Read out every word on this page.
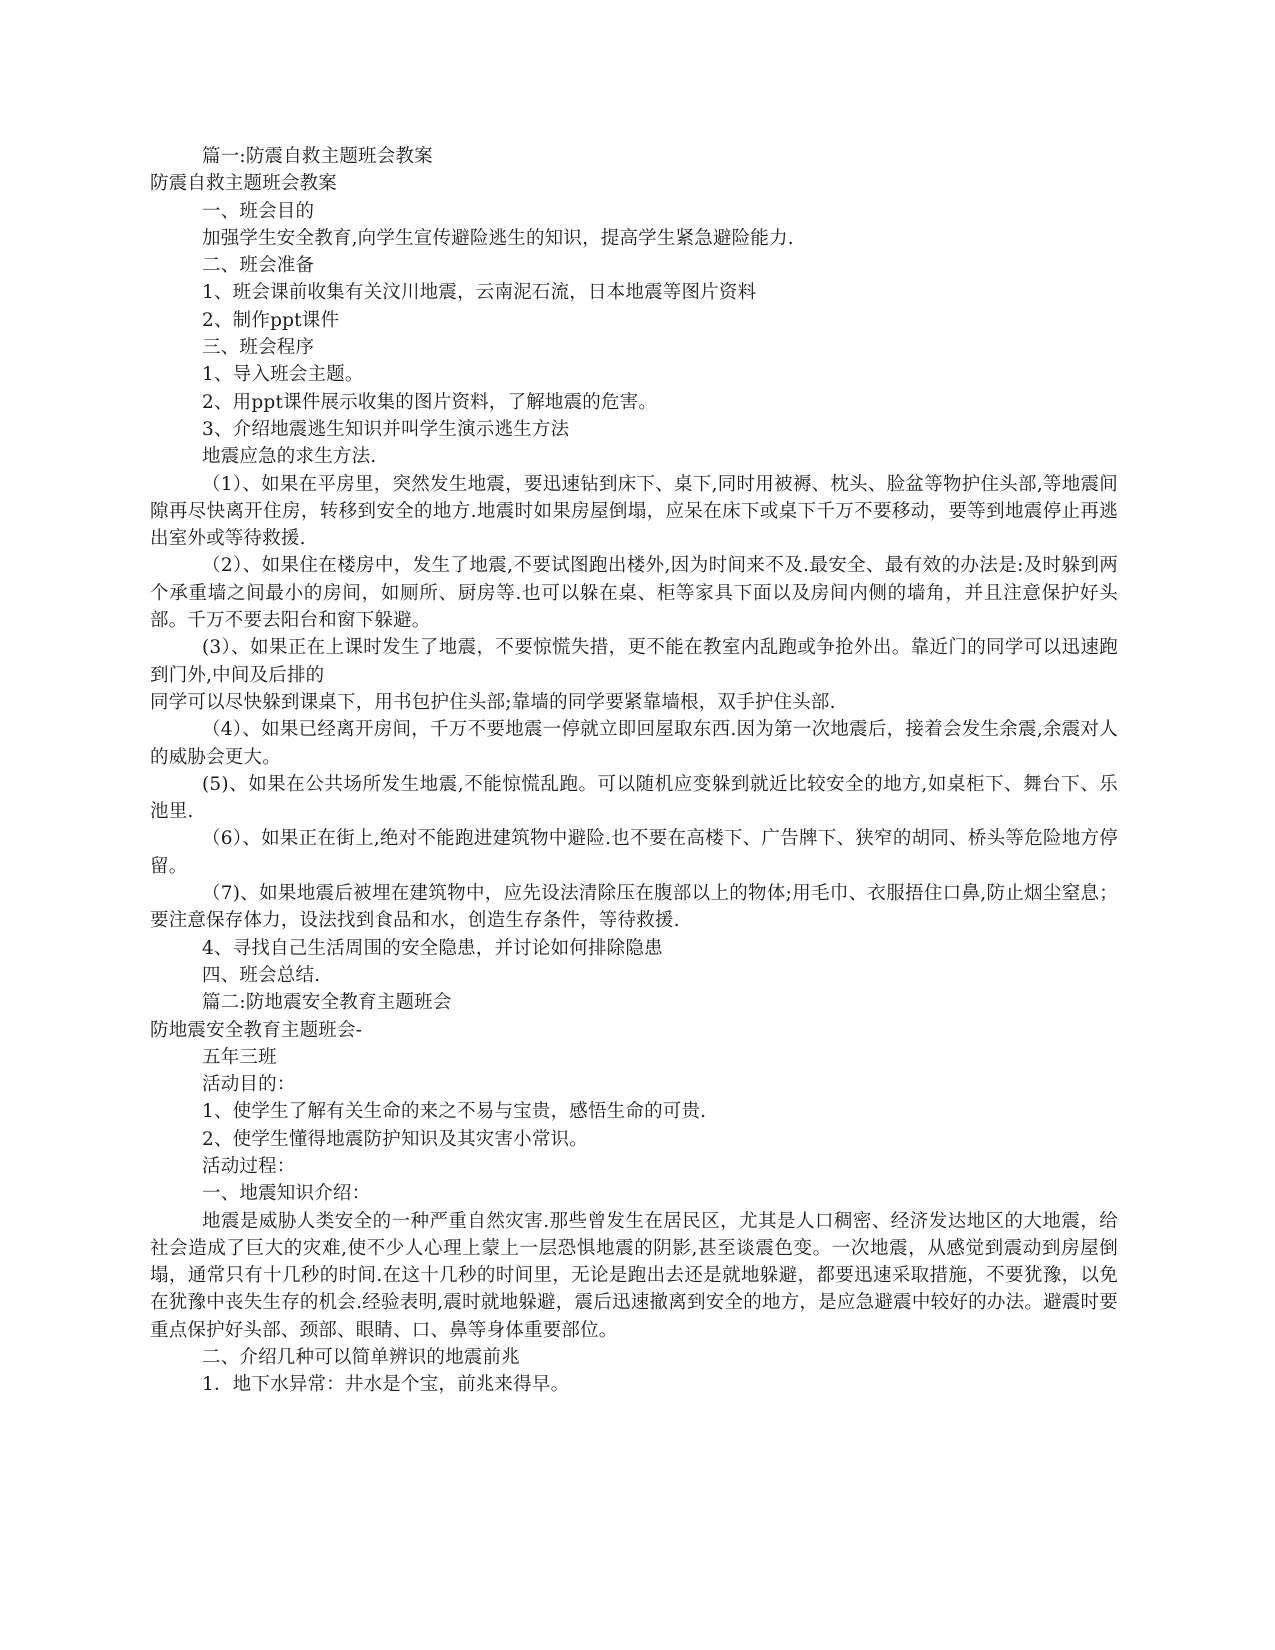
篇一:防震自救主题班会教案

防震自救主题班会教案

一、班会目的

加强学生安全教育,向学生宣传避险逃生的知识，提高学生紧急避险能力.

二、班会准备

1、班会课前收集有关汶川地震，云南泥石流，日本地震等图片资料

2、制作ppt课件

三、班会程序

1、导入班会主题。

2、用ppt课件展示收集的图片资料，了解地震的危害。

3、介绍地震逃生知识并叫学生演示逃生方法

地震应急的求生方法.

（1）、如果在平房里，突然发生地震，要迅速钻到床下、桌下,同时用被褥、枕头、脸盆等物护住头部,等地震间隙再尽快离开住房，转移到安全的地方.地震时如果房屋倒塌，应呆在床下或桌下千万不要移动，要等到地震停止再逃出室外或等待救援.

（2）、如果住在楼房中，发生了地震,不要试图跑出楼外,因为时间来不及.最安全、最有效的办法是:及时躲到两个承重墙之间最小的房间，如厕所、厨房等.也可以躲在桌、柜等家具下面以及房间内侧的墙角，并且注意保护好头部。千万不要去阳台和窗下躲避。

(3）、如果正在上课时发生了地震，不要惊慌失措，更不能在教室内乱跑或争抢外出。靠近门的同学可以迅速跑到门外,中间及后排的

同学可以尽快躲到课桌下，用书包护住头部;靠墙的同学要紧靠墙根，双手护住头部.

（4）、如果已经离开房间，千万不要地震一停就立即回屋取东西.因为第一次地震后，接着会发生余震,余震对人的威胁会更大。

(5)、如果在公共场所发生地震,不能惊慌乱跑。可以随机应变躲到就近比较安全的地方,如桌柜下、舞台下、乐池里.

（6）、如果正在街上,绝对不能跑进建筑物中避险.也不要在高楼下、广告牌下、狭窄的胡同、桥头等危险地方停留。

（7)、如果地震后被埋在建筑物中，应先设法清除压在腹部以上的物体;用毛巾、衣服捂住口鼻,防止烟尘窒息；要注意保存体力，设法找到食品和水，创造生存条件，等待救援.

4、寻找自己生活周围的安全隐患，并讨论如何排除隐患

四、班会总结.

篇二:防地震安全教育主题班会

防地震安全教育主题班会-

五年三班

活动目的：

1、使学生了解有关生命的来之不易与宝贵，感悟生命的可贵.

2、使学生懂得地震防护知识及其灾害小常识。

活动过程：

一、地震知识介绍：

地震是威胁人类安全的一种严重自然灾害.那些曾发生在居民区，尤其是人口稠密、经济发达地区的大地震，给社会造成了巨大的灾难,使不少人心理上蒙上一层恐惧地震的阴影,甚至谈震色变。一次地震，从感觉到震动到房屋倒塌，通常只有十几秒的时间.在这十几秒的时间里，无论是跑出去还是就地躲避，都要迅速采取措施，不要犹豫，以免在犹豫中丧失生存的机会.经验表明,震时就地躲避，震后迅速撤离到安全的地方，是应急避震中较好的办法。避震时要重点保护好头部、颈部、眼睛、口、鼻等身体重要部位。

二、介绍几种可以简单辨识的地震前兆

1．地下水异常：井水是个宝，前兆来得早。
